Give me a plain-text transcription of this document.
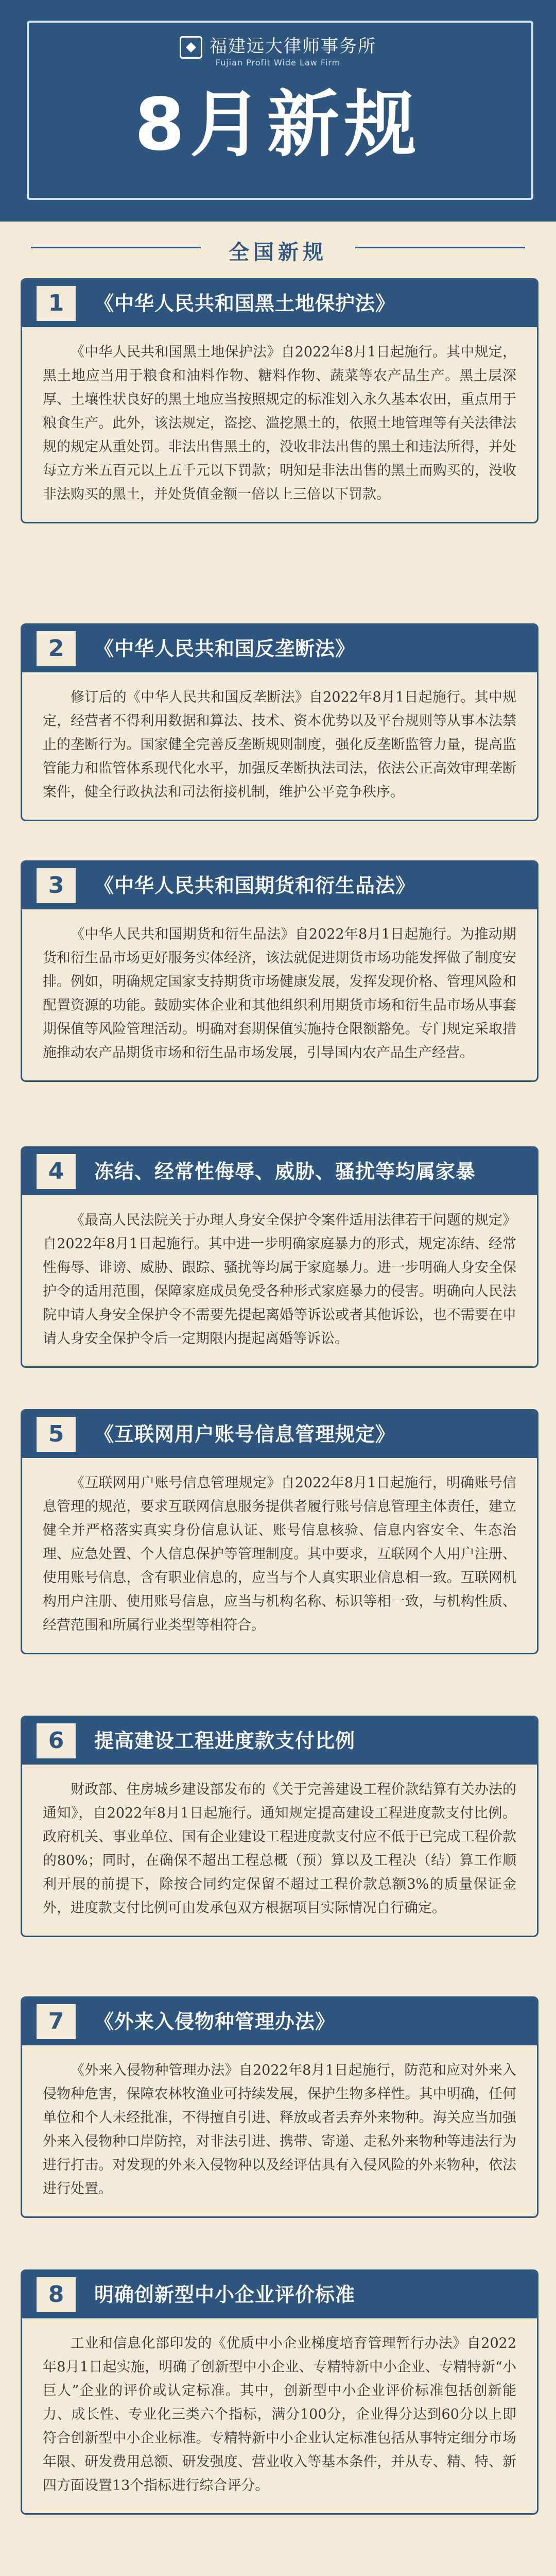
福建远大律师事务所
Fujian Profit Wide Law Firm
8月新规
全国新规
1	《中华人民共和国黑土地保护法》
《中华人民共和国黑土地保护法》自2022年8月1日起施行。其中规定，黑土地应当用于粮食和油料作物、糖料作物、蔬菜等农产品生产。黑土层深厚、土壤性状良好的黑土地应当按照规定的标准划入永久基本农田，重点用于粮食生产。此外，该法规定，盗挖、滥挖黑土的，依照土地管理等有关法律法规的规定从重处罚。非法出售黑土的，没收非法出售的黑土和违法所得，并处每立方米五百元以上五千元以下罚款；明知是非法出售的黑土而购买的，没收非法购买的黑土，并处货值金额一倍以上三倍以下罚款。
2	《中华人民共和国反垄断法》
修订后的《中华人民共和国反垄断法》自2022年8月1日起施行。其中规定，经营者不得利用数据和算法、技术、资本优势以及平台规则等从事本法禁止的垄断行为。国家健全完善反垄断规则制度，强化反垄断监管力量，提高监管能力和监管体系现代化水平，加强反垄断执法司法，依法公正高效审理垄断案件，健全行政执法和司法衔接机制，维护公平竞争秩序。
3	《中华人民共和国期货和衍生品法》
《中华人民共和国期货和衍生品法》自2022年8月1日起施行。为推动期货和衍生品市场更好服务实体经济，该法就促进期货市场功能发挥做了制度安排。例如，明确规定国家支持期货市场健康发展，发挥发现价格、管理风险和配置资源的功能。鼓励实体企业和其他组织利用期货市场和衍生品市场从事套期保值等风险管理活动。明确对套期保值实施持仓限额豁免。专门规定采取措施推动农产品期货市场和衍生品市场发展，引导国内农产品生产经营。
4	冻结、经常性侮辱、威胁、骚扰等均属家暴
《最高人民法院关于办理人身安全保护令案件适用法律若干问题的规定》自2022年8月1日起施行。其中进一步明确家庭暴力的形式，规定冻结、经常性侮辱、诽谤、威胁、跟踪、骚扰等均属于家庭暴力。进一步明确人身安全保护令的适用范围，保障家庭成员免受各种形式家庭暴力的侵害。明确向人民法院申请人身安全保护令不需要先提起离婚等诉讼或者其他诉讼，也不需要在申请人身安全保护令后一定期限内提起离婚等诉讼。
5	《互联网用户账号信息管理规定》
《互联网用户账号信息管理规定》自2022年8月1日起施行，明确账号信息管理的规范，要求互联网信息服务提供者履行账号信息管理主体责任，建立健全并严格落实真实身份信息认证、账号信息核验、信息内容安全、生态治理、应急处置、个人信息保护等管理制度。其中要求，互联网个人用户注册、使用账号信息，含有职业信息的，应当与个人真实职业信息相一致。互联网机构用户注册、使用账号信息，应当与机构名称、标识等相一致，与机构性质、经营范围和所属行业类型等相符合。
6	提高建设工程进度款支付比例
财政部、住房城乡建设部发布的《关于完善建设工程价款结算有关办法的通知》，自2022年8月1日起施行。通知规定提高建设工程进度款支付比例。政府机关、事业单位、国有企业建设工程进度款支付应不低于已完成工程价款的80%；同时，在确保不超出工程总概（预）算以及工程决（结）算工作顺利开展的前提下，除按合同约定保留不超过工程价款总额3%的质量保证金外，进度款支付比例可由发承包双方根据项目实际情况自行确定。
7	《外来入侵物种管理办法》
《外来入侵物种管理办法》自2022年8月1日起施行，防范和应对外来入侵物种危害，保障农林牧渔业可持续发展，保护生物多样性。其中明确，任何单位和个人未经批准，不得擅自引进、释放或者丢弃外来物种。海关应当加强外来入侵物种口岸防控，对非法引进、携带、寄递、走私外来物种等违法行为进行打击。对发现的外来入侵物种以及经评估具有入侵风险的外来物种，依法进行处置。
8	明确创新型中小企业评价标准
工业和信息化部印发的《优质中小企业梯度培育管理暂行办法》自2022年8月1日起实施，明确了创新型中小企业、专精特新中小企业、专精特新“小巨人”企业的评价或认定标准。其中，创新型中小企业评价标准包括创新能力、成长性、专业化三类六个指标，满分100分，企业得分达到60分以上即符合创新型中小企业标准。专精特新中小企业认定标准包括从事特定细分市场年限、研发费用总额、研发强度、营业收入等基本条件，并从专、精、特、新四方面设置13个指标进行综合评分。
